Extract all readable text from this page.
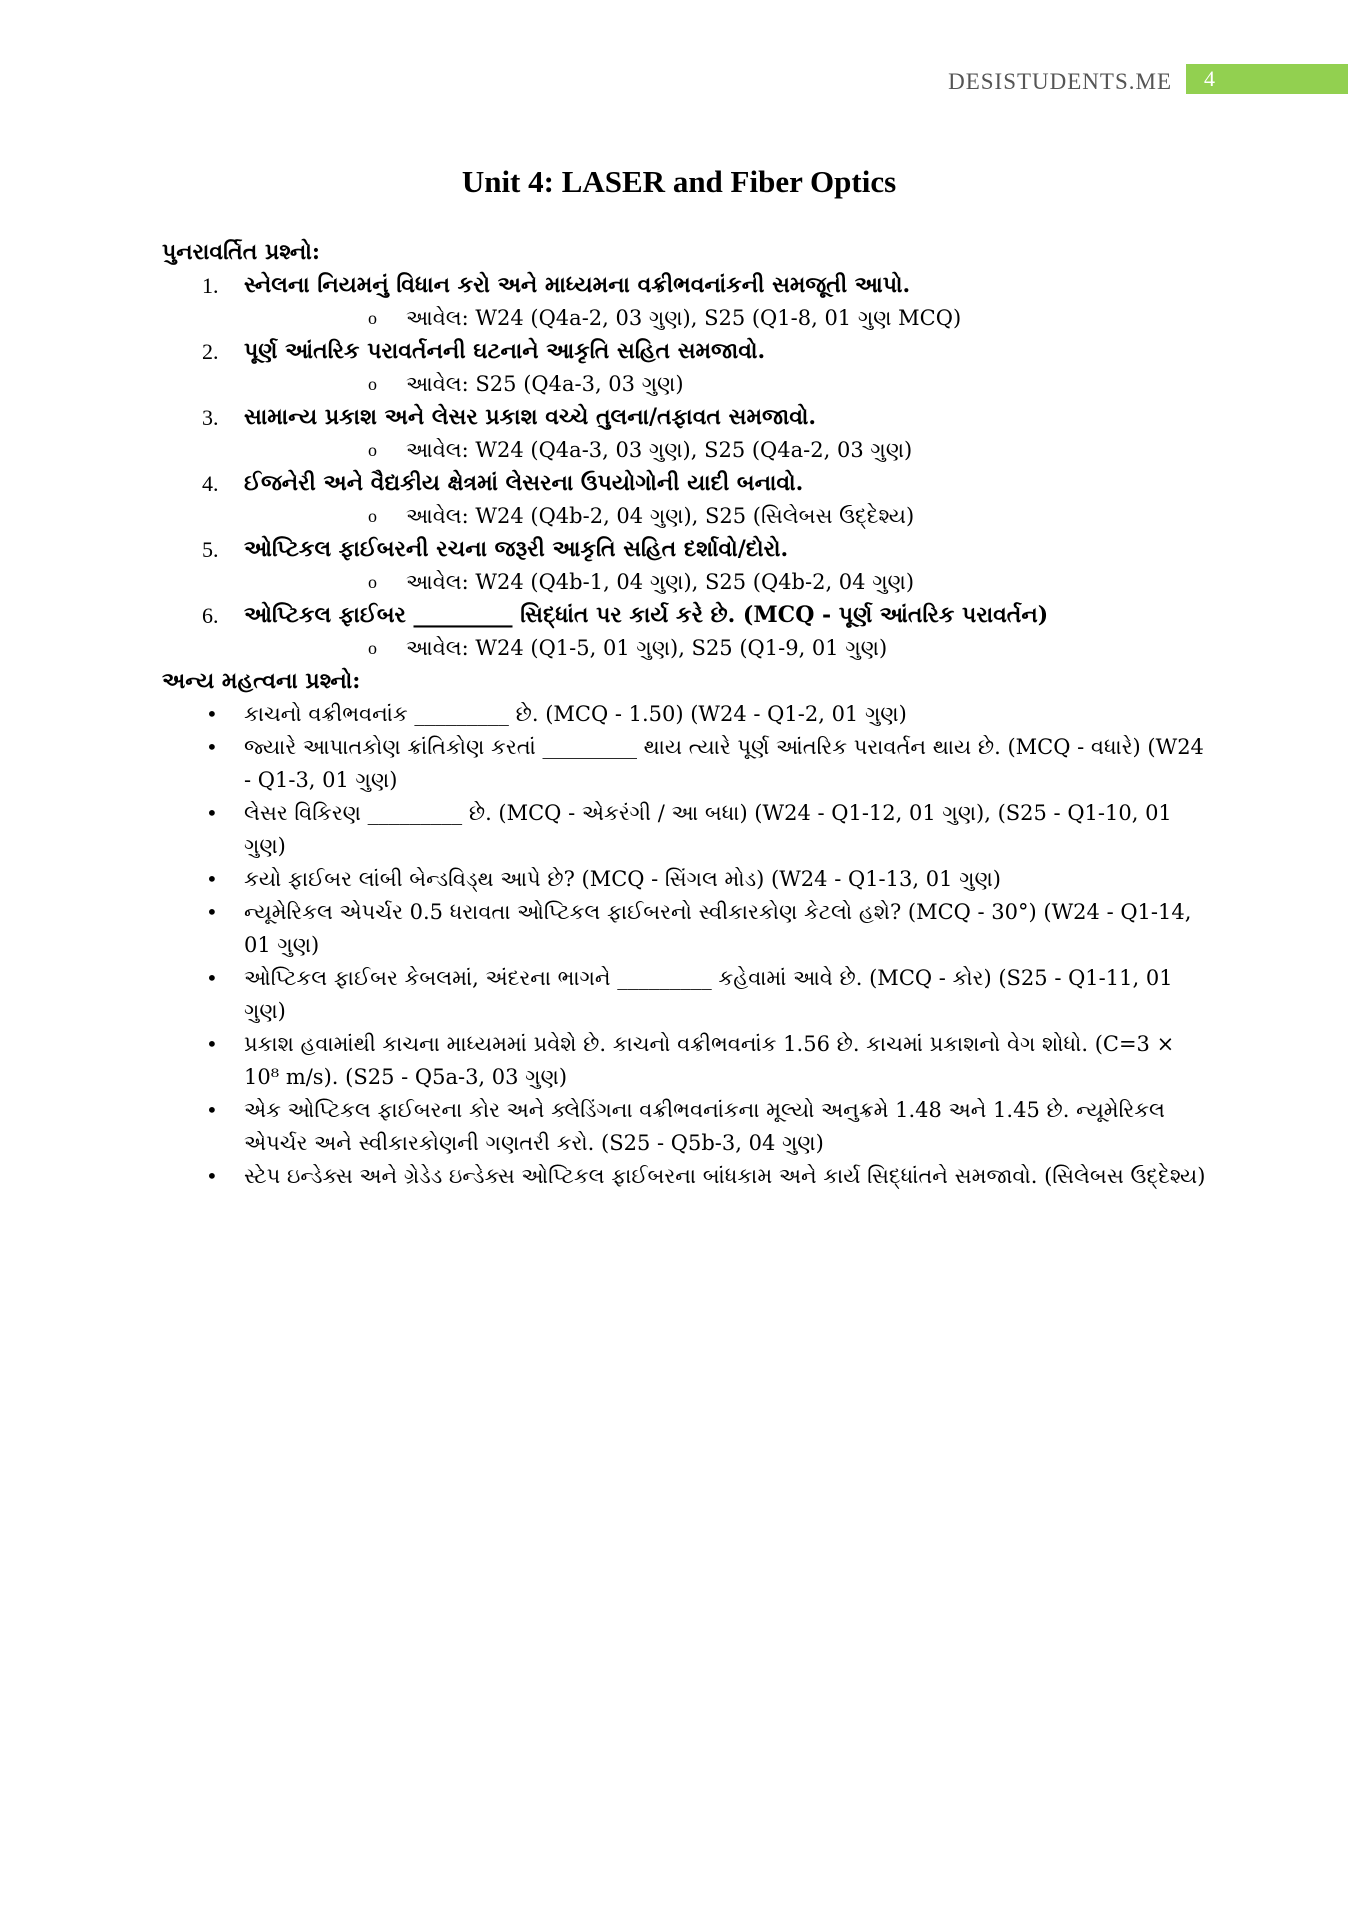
DESISTUDENTS.ME	4
Unit 4: LASER and Fiber Optics
પુનરાવર્તિત પ્રશ્નો:
1. સ્નેલના નિયમનું વિધાન કરો અને માધ્યમના વક્રીભવનાંકની સમજૂતી આપો.
o આવેલ: W24 (Q4a-2, 03 ગુણ), S25 (Q1-8, 01 ગુણ MCQ)
2. પૂર્ણ આંતરિક પરાવર્તનની ઘટનાને આકૃતિ સહિત સમજાવો.
o આવેલ: S25 (Q4a-3, 03 ગુણ)
3. સામાન્ય પ્રકાશ અને લેસર પ્રકાશ વચ્ચે તુલના/તફાવત સમજાવો.
o આવેલ: W24 (Q4a-3, 03 ગુણ), S25 (Q4a-2, 03 ગુણ)
4. ઈજનેરી અને વૈદ્યકીય ક્ષેત્રમાં લેસરના ઉપયોગોની યાદી બનાવો.
o આવેલ: W24 (Q4b-2, 04 ગુણ), S25 (સિલેબસ ઉદ્દેશ્ય)
5. ઓપ્ટિકલ ફાઈબરની રચના જરૂરી આકૃતિ સહિત દર્શાવો/દોરો.
o આવેલ: W24 (Q4b-1, 04 ગુણ), S25 (Q4b-2, 04 ગુણ)
6. ઓપ્ટિકલ ફાઈબર _________ સિદ્ધાંત પર કાર્ય કરે છે. (MCQ - પૂર્ણ આંતરિક પરાવર્તન)
o આવેલ: W24 (Q1-5, 01 ગુણ), S25 (Q1-9, 01 ગુણ)
અન્ય મહત્વના પ્રશ્નો:
• કાચનો વક્રીભવનાંક _________ છે. (MCQ - 1.50) (W24 - Q1-2, 01 ગુણ)
• જ્યારે આપાતકોણ ક્રાંતિકોણ કરતાં _________ થાય ત્યારે પૂર્ણ આંતરિક પરાવર્તન થાય છે. (MCQ - વધારે) (W24 - Q1-3, 01 ગુણ)
• લેસર વિકિરણ _________ છે. (MCQ - એકરંગી / આ બધા) (W24 - Q1-12, 01 ગુણ), (S25 - Q1-10, 01 ગુણ)
• કયો ફાઈબર લાંબી બેન્ડવિડ્થ આપે છે? (MCQ - સિંગલ મોડ) (W24 - Q1-13, 01 ગુણ)
• ન્યૂમેરિકલ એપર્ચર 0.5 ધરાવતા ઓપ્ટિકલ ફાઈબરનો સ્વીકારકોણ કેટલો હશે? (MCQ - 30°) (W24 - Q1-14, 01 ગુણ)
• ઓપ્ટિકલ ફાઈબર કેબલમાં, અંદરના ભાગને _________ કહેવામાં આવે છે. (MCQ - કોર) (S25 - Q1-11, 01 ગુણ)
• પ્રકાશ હવામાંથી કાચના માધ્યમમાં પ્રવેશે છે. કાચનો વક્રીભવનાંક 1.56 છે. કાચમાં પ્રકાશનો વેગ શોધો. (C=3 × 10⁸ m/s). (S25 - Q5a-3, 03 ગુણ)
• એક ઓપ્ટિકલ ફાઈબરના કોર અને ક્લેડિંગના વક્રીભવનાંકના મૂલ્યો અનુક્રમે 1.48 અને 1.45 છે. ન્યૂમેરિકલ એપર્ચર અને સ્વીકારકોણની ગણતરી કરો. (S25 - Q5b-3, 04 ગુણ)
• સ્ટેપ ઇન્ડેક્સ અને ગ્રેડેડ ઇન્ડેક્સ ઓપ્ટિકલ ફાઈબરના બાંધકામ અને કાર્ય સિદ્ધાંતને સમજાવો. (સિલેબસ ઉદ્દેશ્ય)
